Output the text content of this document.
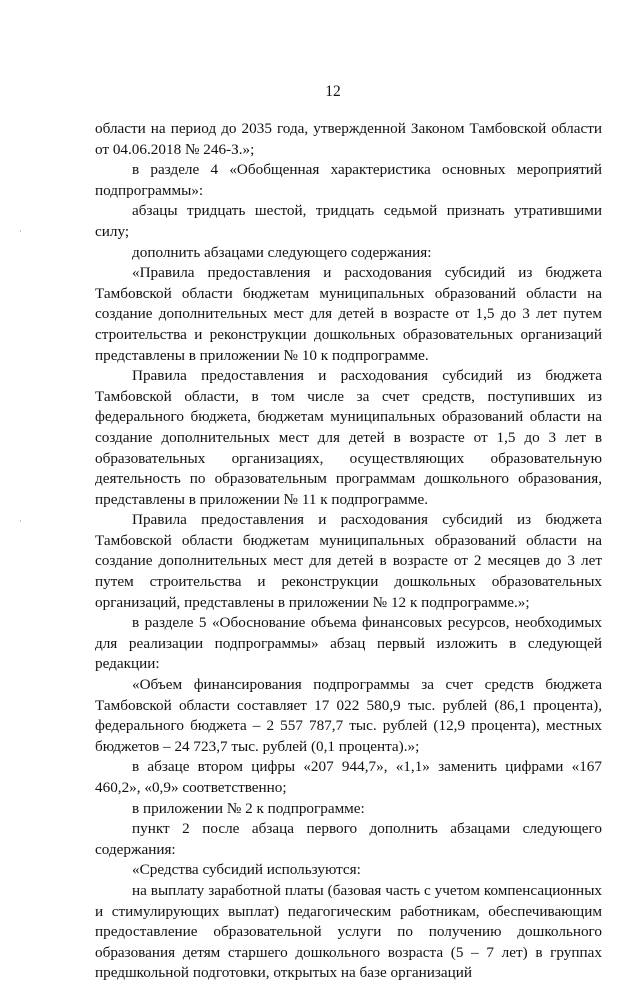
12

области на период до 2035 года, утвержденной Законом Тамбовской области от 04.06.2018 № 246-З.»;

в разделе 4 «Обобщенная характеристика основных мероприятий подпрограммы»:

абзацы тридцать шестой, тридцать седьмой признать утратившими силу;

дополнить абзацами следующего содержания:

«Правила предоставления и расходования субсидий из бюджета Тамбовской области бюджетам муниципальных образований области на создание дополнительных мест для детей в возрасте от 1,5 до 3 лет путем строительства и реконструкции дошкольных образовательных организаций представлены в приложении № 10 к подпрограмме.

Правила предоставления и расходования субсидий из бюджета Тамбовской области, в том числе за счет средств, поступивших из федерального бюджета, бюджетам муниципальных образований области на создание дополнительных мест для детей в возрасте от 1,5 до 3 лет в образовательных организациях, осуществляющих образовательную деятельность по образовательным программам дошкольного образования, представлены в приложении № 11 к подпрограмме.

Правила предоставления и расходования субсидий из бюджета Тамбовской области бюджетам муниципальных образований области на создание дополнительных мест для детей в возрасте от 2 месяцев до 3 лет путем строительства и реконструкции дошкольных образовательных организаций, представлены в приложении № 12 к подпрограмме.»;

в разделе 5 «Обоснование объема финансовых ресурсов, необходимых для реализации подпрограммы» абзац первый изложить в следующей редакции:

«Объем финансирования подпрограммы за счет средств бюджета Тамбовской области составляет 17 022 580,9 тыс. рублей (86,1 процента), федерального бюджета – 2 557 787,7 тыс. рублей (12,9 процента), местных бюджетов – 24 723,7 тыс. рублей (0,1 процента).»;

в абзаце втором цифры «207 944,7», «1,1» заменить цифрами «167 460,2», «0,9» соответственно;

в приложении № 2 к подпрограмме:

пункт 2 после абзаца первого дополнить абзацами следующего содержания:

«Средства субсидий используются:

на выплату заработной платы (базовая часть с учетом компенсационных и стимулирующих выплат) педагогическим работникам, обеспечивающим предоставление образовательной услуги по получению дошкольного образования детям старшего дошкольного возраста (5 – 7 лет) в группах предшкольной подготовки, открытых на базе организаций
